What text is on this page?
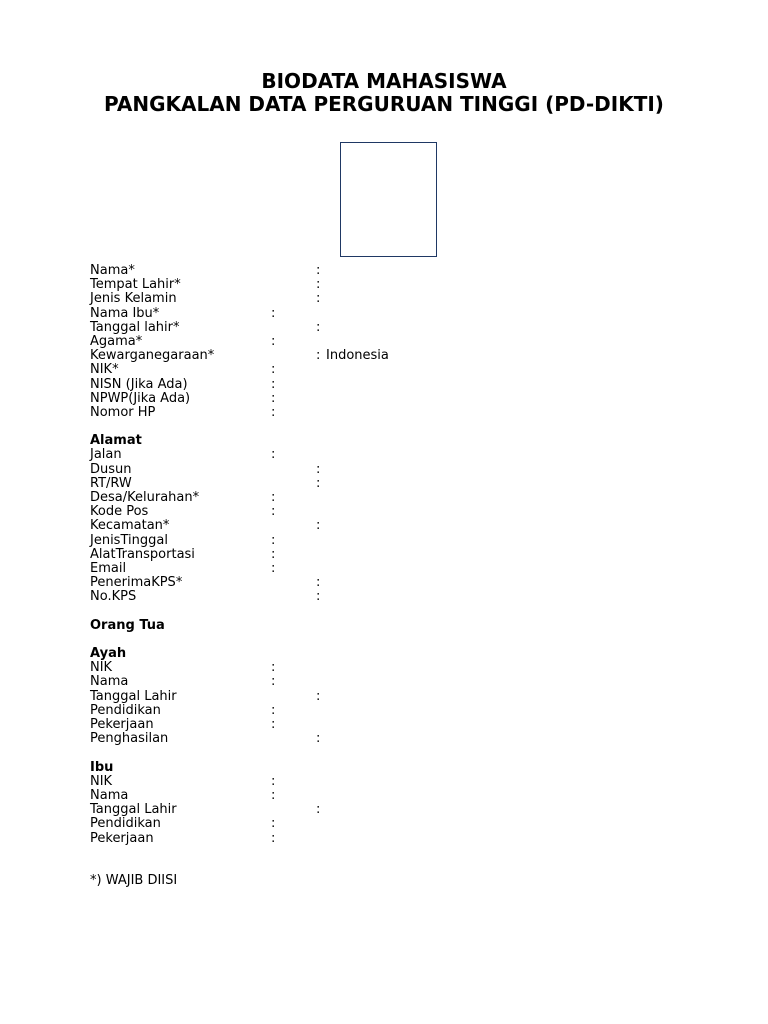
BIODATA MAHASISWA
PANGKALAN DATA PERGURUAN TINGGI (PD-DIKTI)
Nama*	:
Tempat Lahir*	:
Jenis Kelamin	:
Nama Ibu*	:
Tanggal lahir*	:
Agama*	:
Kewarganegaraan*	: Indonesia
NIK*	:
NISN (Jika Ada)	:
NPWP(Jika Ada)	:
Nomor HP	:
Alamat
Jalan	:
Dusun	:
RT/RW	:
Desa/Kelurahan*	:
Kode Pos	:
Kecamatan*	:
JenisTinggal	:
AlatTransportasi	:
Email	:
PenerimaKPS*	:
No.KPS	:
Orang Tua
Ayah
NIK	:
Nama	:
Tanggal Lahir	:
Pendidikan	:
Pekerjaan	:
Penghasilan	:
Ibu
NIK	:
Nama	:
Tanggal Lahir	:
Pendidikan	:
Pekerjaan	:
*) WAJIB DIISI
